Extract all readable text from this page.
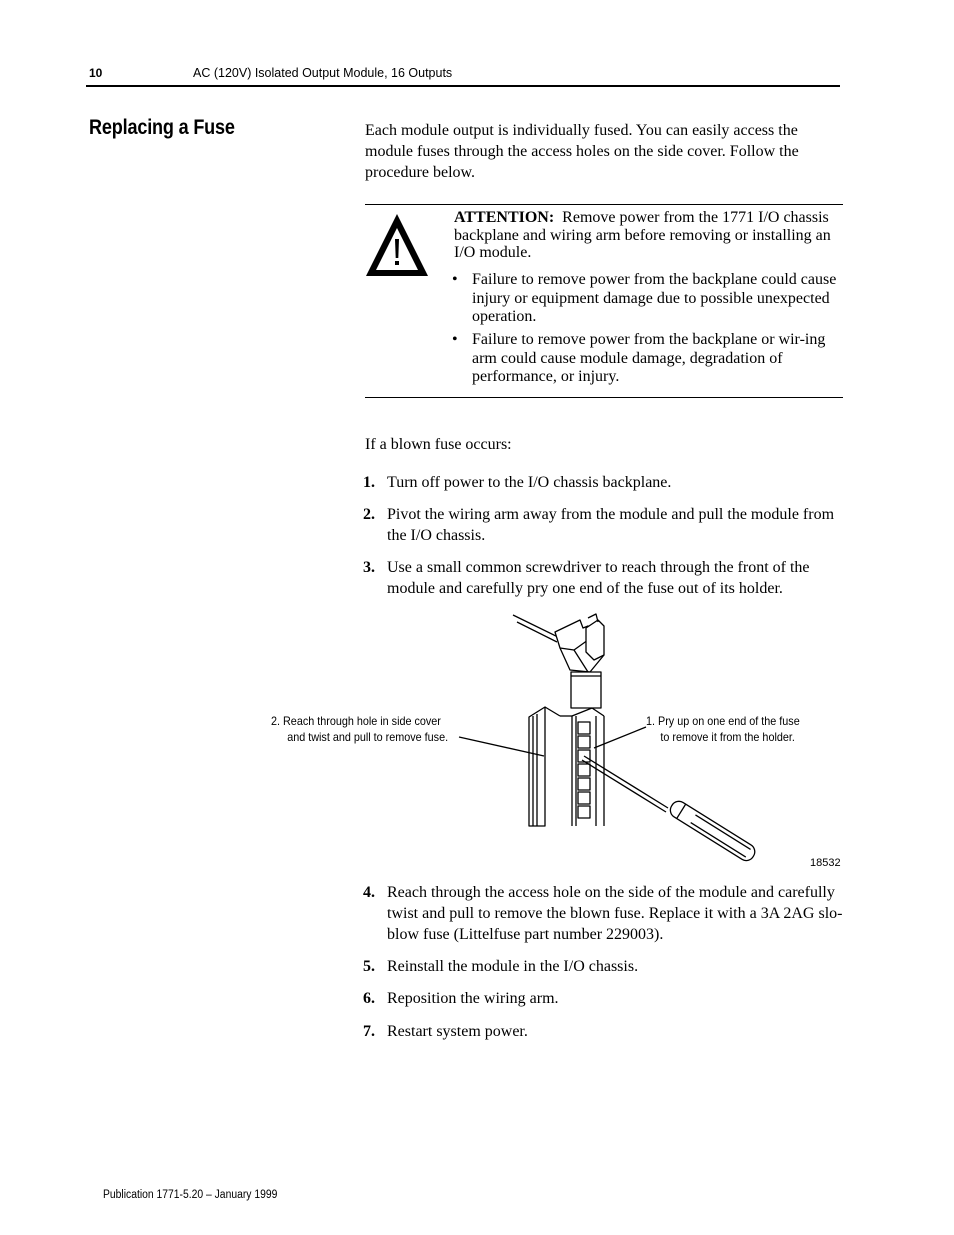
10	AC (120V) Isolated Output Module, 16 Outputs
Replacing a Fuse	Each module output is individually fused. You can easily access the module fuses through the access holes on the side cover. Follow the procedure below.
ATTENTION: Remove power from the 1771 I/O chassis backplane and wiring arm before removing or installing an I/O module.
• Failure to remove power from the backplane could cause injury or equipment damage due to possible unexpected operation.
• Failure to remove power from the backplane or wir-ing arm could cause module damage, degradation of performance, or injury.
If a blown fuse occurs:
1. Turn off power to the I/O chassis backplane.
2. Pivot the wiring arm away from the module and pull the module from the I/O chassis.
3. Use a small common screwdriver to reach through the front of the module and carefully pry one end of the fuse out of its holder.
2. Reach through hole in side cover
and twist and pull to remove fuse.
1. Pry up on one end of the fuse
to remove it from the holder.
18532
4. Reach through the access hole on the side of the module and carefully twist and pull to remove the blown fuse. Replace it with a 3A 2AG slo-blow fuse (Littelfuse part number 229003).
5. Reinstall the module in the I/O chassis.
6. Reposition the wiring arm.
7. Restart system power.
Publication 1771-5.20 – January 1999
